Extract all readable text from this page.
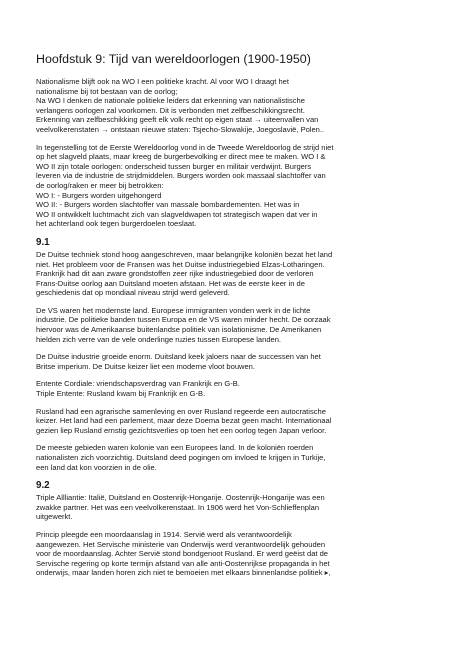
Hoofdstuk 9: Tijd van wereldoorlogen (1900-1950)
Nationalisme blijft ook na WO I een politieke kracht. Al voor WO I draagt het
nationalisme bij tot bestaan van de oorlog;
Na WO I denken de nationale politieke leiders dat erkenning van nationalistische
verlangens oorlogen zal voorkomen. Dit is verbonden met zelfbeschikkingsrecht.
Erkenning van zelfbeschikking geeft elk volk recht op eigen staat → uiteenvallen van
veelvolkerenstaten → ontstaan nieuwe staten: Tsjecho-Slowakije, Joegoslavië, Polen..
In tegenstelling tot de Eerste Wereldoorlog vond in de Tweede Wereldoorlog de strijd niet
op het slagveld plaats, maar kreeg de burgerbevolking er direct mee te maken. WO I &
WO II zijn totale oorlogen: onderscheid tussen burger en militair verdwijnt. Burgers
leveren via de industrie de strijdmiddelen. Burgers worden ook massaal slachtoffer van
de oorlog/raken er meer bij betrokken:
WO I: - Burgers worden uitgehongerd
WO II: - Burgers worden slachtoffer van massale bombardementen. Het was in
WO II ontwikkelt luchtmacht zich van slagveldwapen tot strategisch wapen dat ver in
het achterland ook tegen burgerdoelen toeslaat.
9.1
De Duitse techniek stond hoog aangeschreven, maar belangrijke koloniën bezat het land
niet. Het probleem voor de Fransen was het Duitse industriegebied Elzas-Lotharingen.
Frankrijk had dit aan zware grondstoffen zeer rijke industriegebied door de verloren
Frans-Duitse oorlog aan Duitsland moeten afstaan. Het was de eerste keer in de
geschiedenis dat op mondiaal niveau strijd werd geleverd.
De VS waren het modernste land. Europese immigranten vonden werk in de lichte
industrie. De politieke banden tussen Europa en de VS waren minder hecht. De oorzaak
hiervoor was de Amerikaanse buitenlandse politiek van isolationisme. De Amerikanen
hielden zich verre van de vele onderlinge ruzies tussen Europese landen.
De Duitse industrie groeide enorm. Duitsland keek jaloers naar de successen van het
Britse imperium. De Duitse keizer liet een moderne vloot bouwen.
Entente Cordiale: vriendschapsverdrag van Frankrijk en G-B.
Triple Entente: Rusland kwam bij Frankrijk en G-B.
Rusland had een agrarische samenleving en over Rusland regeerde een autocratische
keizer. Het land had een parlement, maar deze Doema bezat geen macht. Internationaal
gezien liep Rusland ernstig gezichtsverlies op toen het een oorlog tegen Japan verloor.
De meeste gebieden waren kolonie van een Europees land. In de koloniën roerden
nationalisten zich voorzichtig. Duitsland deed pogingen om invloed te krijgen in Turkije,
een land dat kon voorzien in de olie.
9.2
Triple Allliantie: Italië, Duitsland en Oostenrijk-Hongarije. Oostenrijk-Hongarije was een
zwakke partner. Het was een veelvolkerenstaat. In 1906 werd het Von-Schlieffenplan
uitgewerkt.
Princip pleegde een moordaanslag in 1914. Servië werd als verantwoordelijk
aangewezen. Het Servische ministerie van Onderwijs werd verantwoordelijk gehouden
voor de moordaanslag. Achter Servië stond bondgenoot Rusland. Er werd geëist dat de
Servische regering op korte termijn afstand van alle anti-Oostenrijkse propaganda in het
onderwijs, maar landen horen zich niet te bemoeien met elkaars binnenlandse politiek ▸,
